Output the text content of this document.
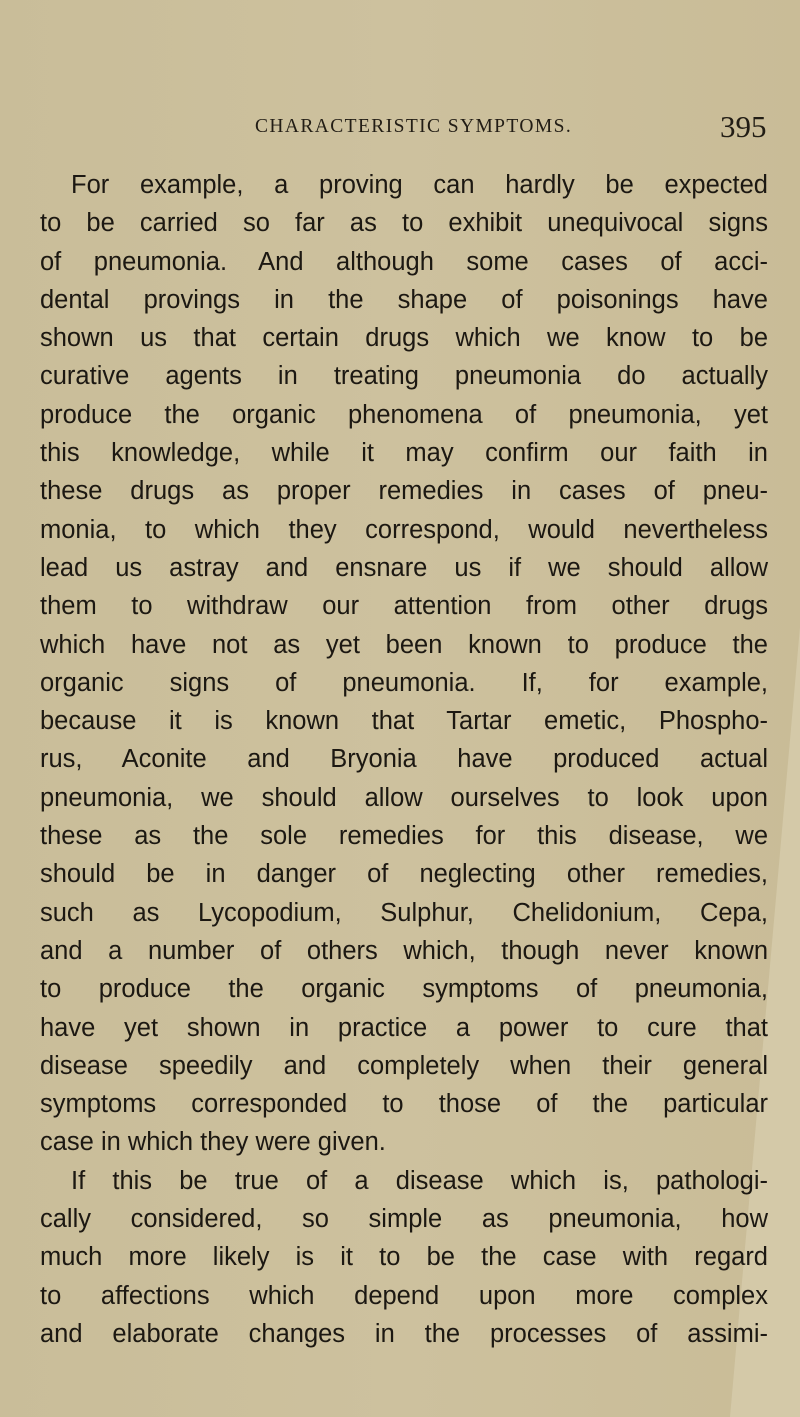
CHARACTERISTIC SYMPTOMS.	395
For example, a proving can hardly be expected
to be carried so far as to exhibit unequivocal signs
of pneumonia. And although some cases of acci-
dental provings in the shape of poisonings have
shown us that certain drugs which we know to be
curative agents in treating pneumonia do actually
produce the organic phenomena of pneumonia, yet
this knowledge, while it may confirm our faith in
these drugs as proper remedies in cases of pneu-
monia, to which they correspond, would nevertheless
lead us astray and ensnare us if we should allow
them to withdraw our attention from other drugs
which have not as yet been known to produce the
organic signs of pneumonia. If, for example,
because it is known that Tartar emetic, Phospho-
rus, Aconite and Bryonia have produced actual
pneumonia, we should allow ourselves to look upon
these as the sole remedies for this disease, we
should be in danger of neglecting other remedies,
such as Lycopodium, Sulphur, Chelidonium, Cepa,
and a number of others which, though never known
to produce the organic symptoms of pneumonia,
have yet shown in practice a power to cure that
disease speedily and completely when their general
symptoms corresponded to those of the particular
case in which they were given.
If this be true of a disease which is, pathologi-
cally considered, so simple as pneumonia, how
much more likely is it to be the case with regard
to affections which depend upon more complex
and elaborate changes in the processes of assimi-
